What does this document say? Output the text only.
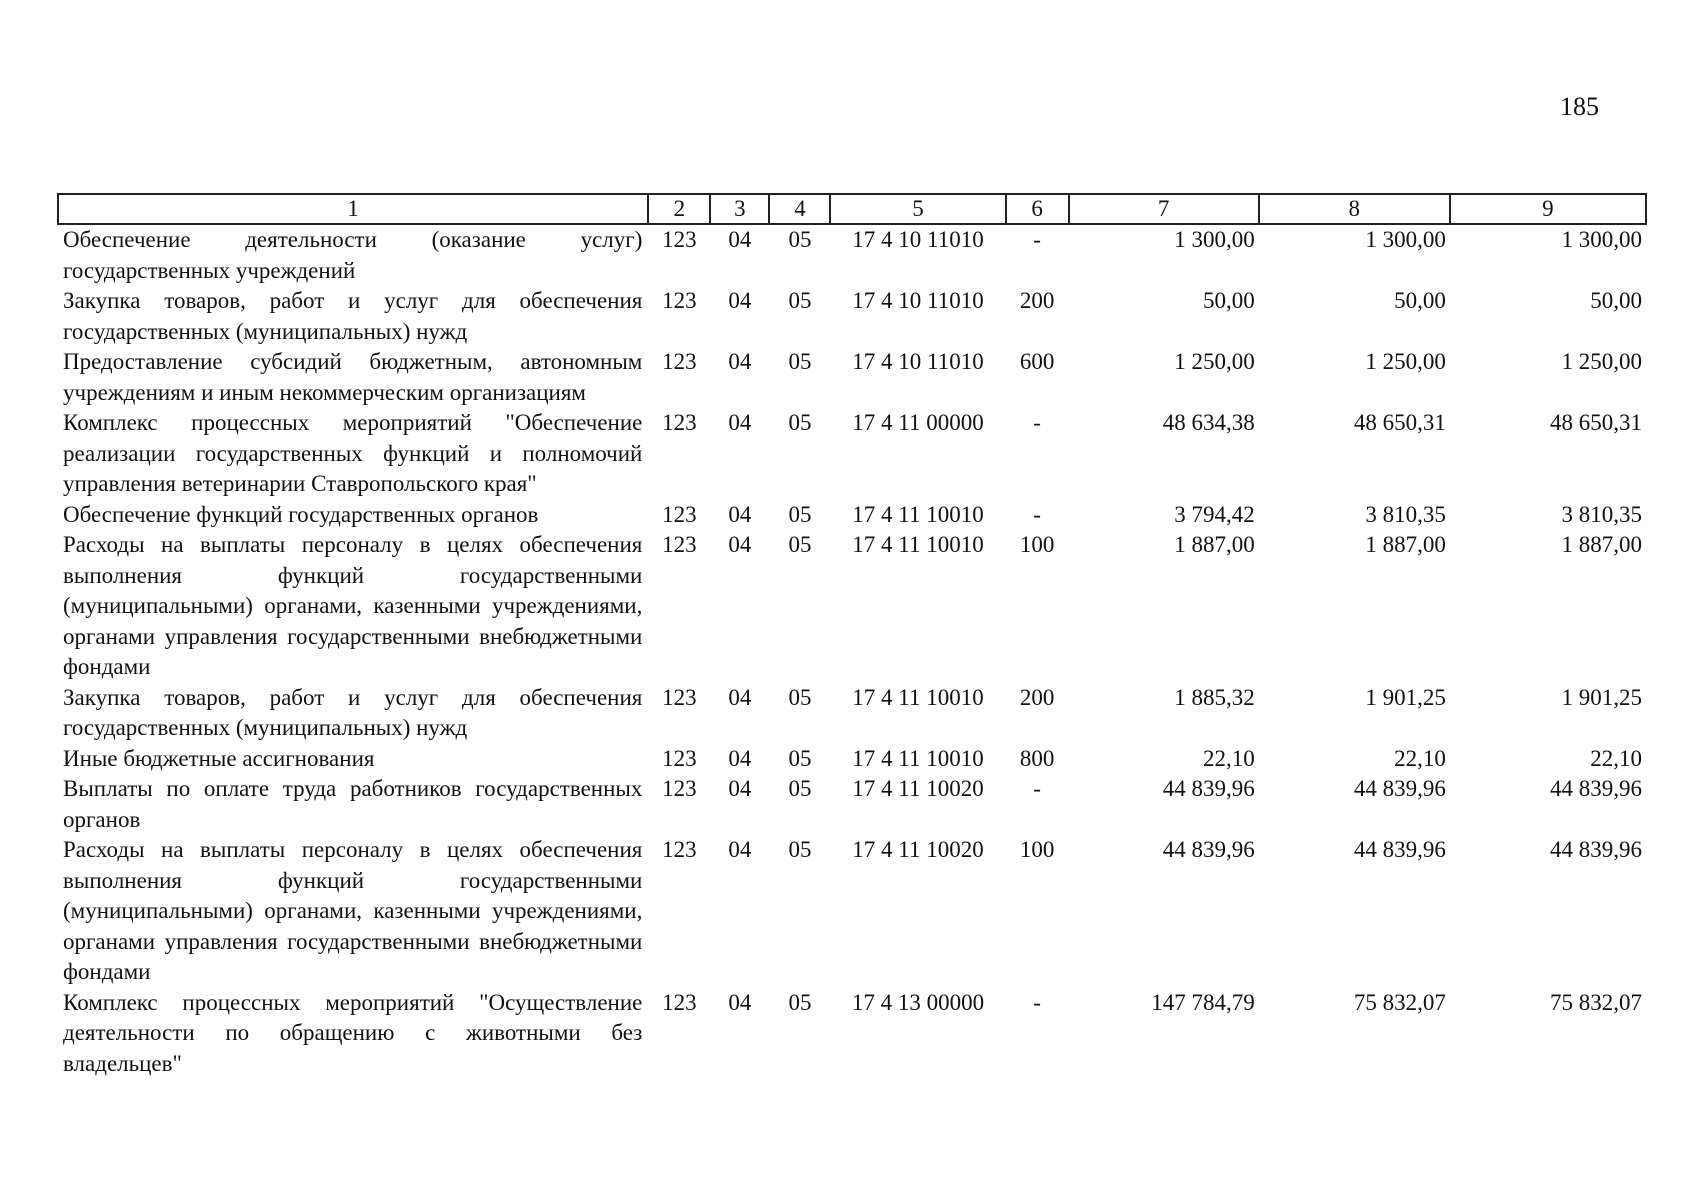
185
1	2	3	4	5	6	7	8	9
Обеспечение деятельности (оказание услуг) государственных учреждений	123	04	05	17 4 10 11010	-	1 300,00	1 300,00	1 300,00
Закупка товаров, работ и услуг для обеспечения государственных (муниципальных) нужд	123	04	05	17 4 10 11010	200	50,00	50,00	50,00
Предоставление субсидий бюджетным, автономным учреждениям и иным некоммерческим организациям	123	04	05	17 4 10 11010	600	1 250,00	1 250,00	1 250,00
Комплекс процессных мероприятий "Обеспечение реализации государственных функций и полномочий управления ветеринарии Ставропольского края"	123	04	05	17 4 11 00000	-	48 634,38	48 650,31	48 650,31
Обеспечение функций государственных органов	123	04	05	17 4 11 10010	-	3 794,42	3 810,35	3 810,35
Расходы на выплаты персоналу в целях обеспечения выполнения функций государственными (муниципальными) органами, казенными учреждениями, органами управления государственными внебюджетными фондами	123	04	05	17 4 11 10010	100	1 887,00	1 887,00	1 887,00
Закупка товаров, работ и услуг для обеспечения государственных (муниципальных) нужд	123	04	05	17 4 11 10010	200	1 885,32	1 901,25	1 901,25
Иные бюджетные ассигнования	123	04	05	17 4 11 10010	800	22,10	22,10	22,10
Выплаты по оплате труда работников государственных органов	123	04	05	17 4 11 10020	-	44 839,96	44 839,96	44 839,96
Расходы на выплаты персоналу в целях обеспечения выполнения функций государственными (муниципальными) органами, казенными учреждениями, органами управления государственными внебюджетными фондами	123	04	05	17 4 11 10020	100	44 839,96	44 839,96	44 839,96
Комплекс процессных мероприятий "Осуществление деятельности по обращению с животными без владельцев"	123	04	05	17 4 13 00000	-	147 784,79	75 832,07	75 832,07
